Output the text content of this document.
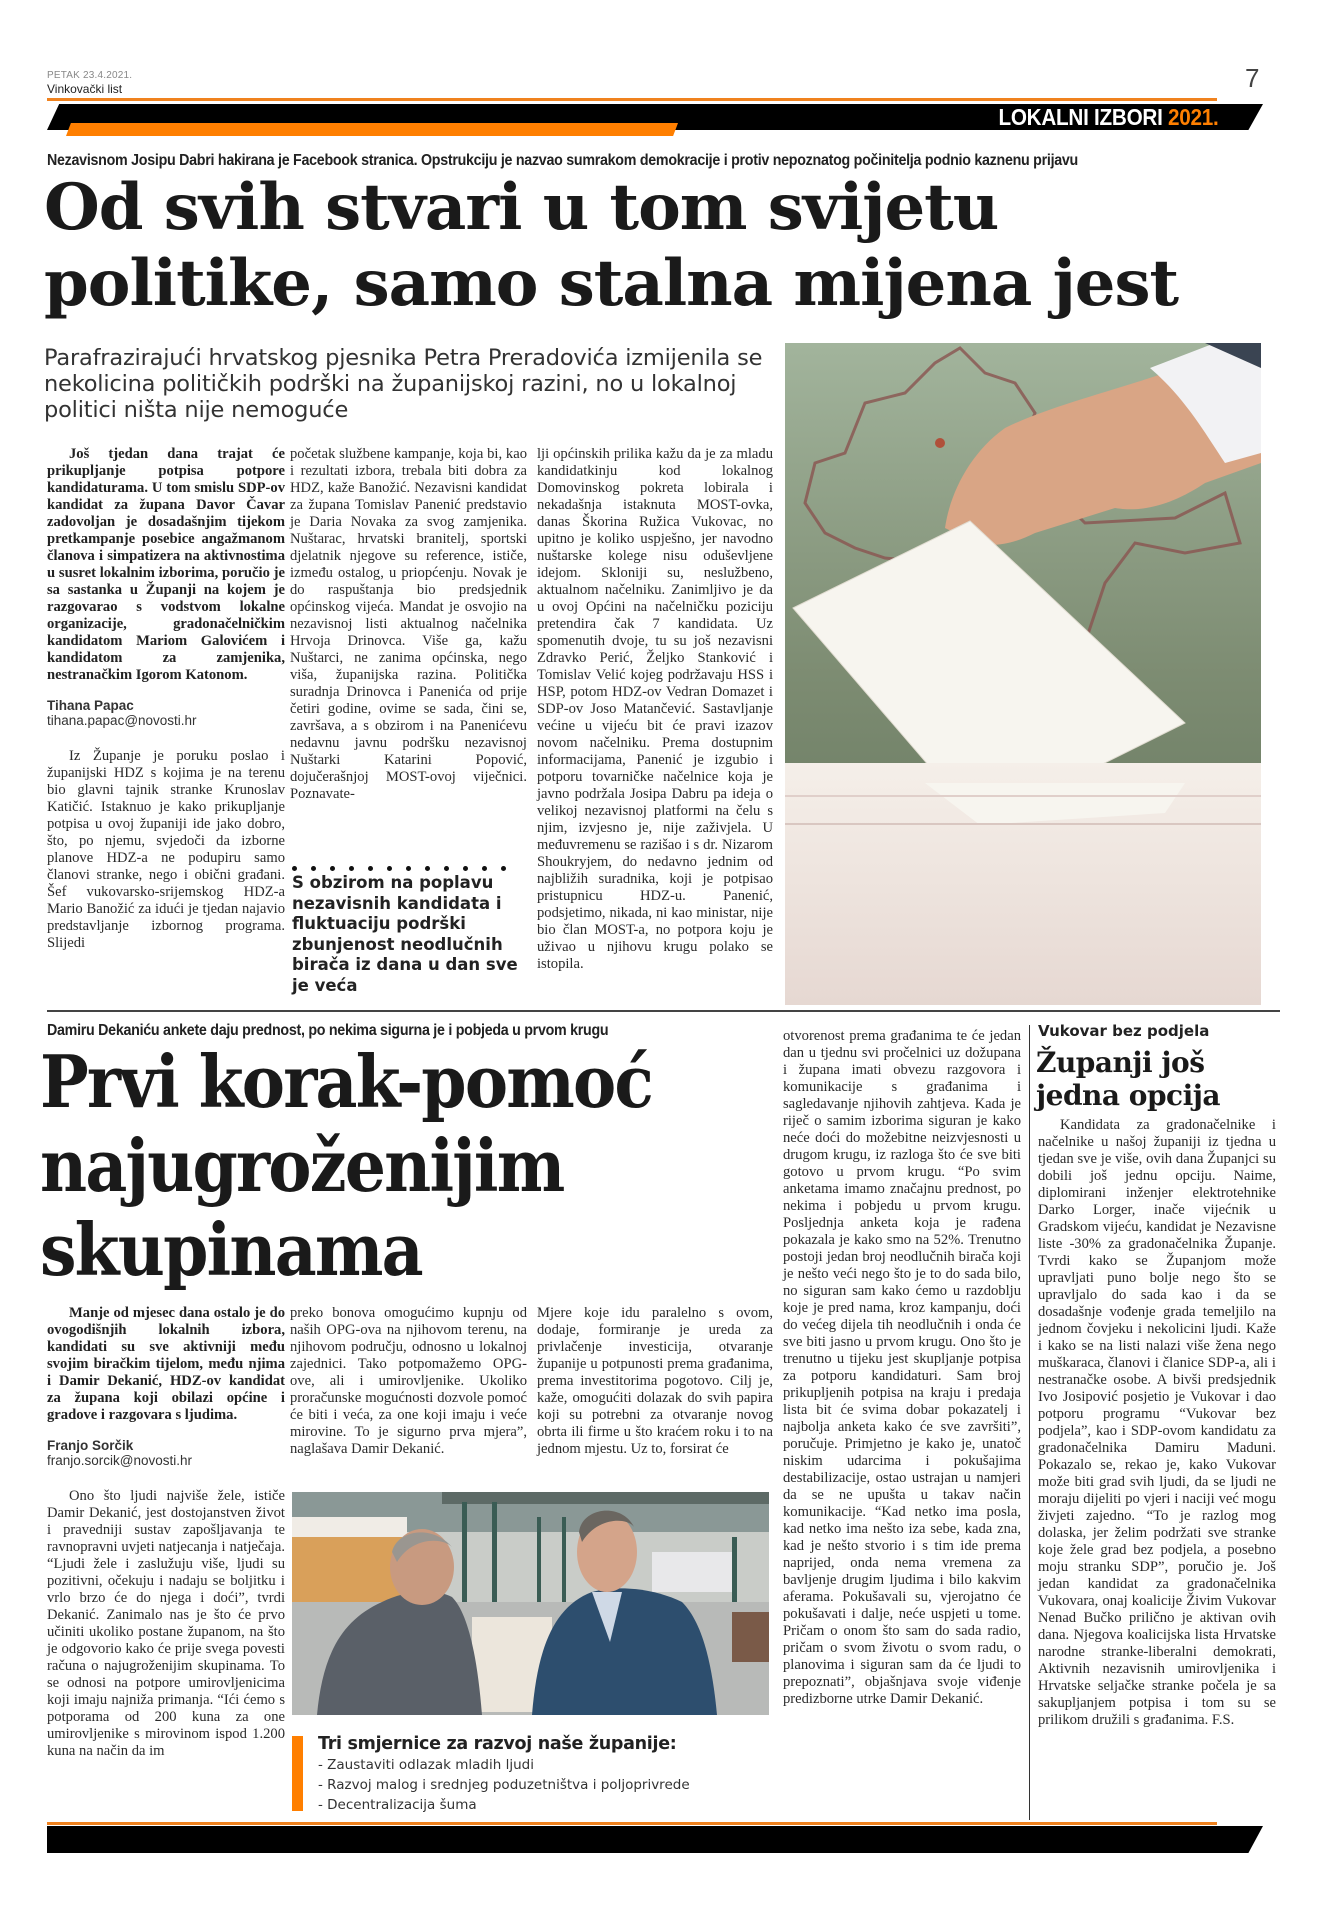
PETAK 23.4.2021.
Vinkovački list	7
LOKALNI IZBORI 2021.
Nezavisnom Josipu Dabri hakirana je Facebook stranica. Opstrukciju je nazvao sumrakom demokracije i protiv nepoznatog počinitelja podnio kaznenu prijavu
Od svih stvari u tom svijetu politike, samo stalna mijena jest
Parafrazirajući hrvatskog pjesnika Petra Preradovića izmijenila se nekolicina političkih podrški na županijskoj razini, no u lokalnoj politici ništa nije nemoguće

Još tjedan dana trajat će prikupljanje potpisa potpore kandidaturama. U tom smislu SDP-ov kandidat za župana Davor Čavar zadovoljan je dosadašnjim tijekom pretkampanje posebice angažmanom članova i simpatizera na aktivnostima u susret lokalnim izborima, poručio je sa sastanka u Županji na kojem je razgovarao s vodstvom lokalne organizacije, gradonačelničkim kandidatom Mariom Galovićem i kandidatom za zamjenika, nestranačkim Igorom Katonom.

Tihana Papac
tihana.papac@novosti.hr

Iz Županje je poruku poslao i županijski HDZ s kojima je na terenu bio glavni tajnik stranke Krunoslav Katičić. Istaknuo je kako prikupljanje potpisa u ovoj županiji ide jako dobro, što, po njemu, svjedoči da izborne planove HDZ-a ne podupiru samo članovi stranke, nego i obični građani. Šef vukovarsko-srijemskog HDZ-a Mario Banožić za idući je tjedan najavio predstavljanje izbornog programa. Slijedi

početak službene kampanje, koja bi, kao i rezultati izbora, trebala biti dobra za HDZ, kaže Banožić. Nezavisni kandidat za župana Tomislav Panenić predstavio je Daria Novaka za svog zamjenika. Nuštarac, hrvatski branitelj, sportski djelatnik njegove su reference, ističe, između ostalog, u priopćenju. Novak je do raspuštanja bio predsjednik općinskog vijeća. Mandat je osvojio na nezavisnoj listi aktualnog načelnika Hrvoja Drinovca. Više ga, kažu Nuštarci, ne zanima općinska, nego viša, županijska razina. Politička suradnja Drinovca i Panenića od prije četiri godine, ovime se sada, čini se, završava, a s obzirom i na Panenićevu nedavnu javnu podršku nezavisnoj Nuštarki Katarini Popović, dojučerašnjoj MOST-ovoj viječnici. Poznavate-

S obzirom na poplavu nezavisnih kandidata i fluktuaciju podrški zbunjenost neodlučnih birača iz dana u dan sve je veća

lji općinskih prilika kažu da je za mladu kandidatkinju kod lokalnog Domovinskog pokreta lobirala i nekadašnja istaknuta MOST-ovka, danas Škorina Ružica Vukovac, no upitno je koliko uspješno, jer navodno nuštarske kolege nisu oduševljene idejom. Skloniji su, neslužbeno, aktualnom načelniku. Zanimljivo je da u ovoj Općini na načelničku poziciju pretendira čak 7 kandidata. Uz spomenutih dvoje, tu su još nezavisni Zdravko Perić, Željko Stanković i Tomislav Velić kojeg podržavaju HSS i HSP, potom HDZ-ov Vedran Domazet i SDP-ov Joso Matančević. Sastavljanje većine u vijeću bit će pravi izazov novom načelniku. Prema dostupnim informacijama, Panenić je izgubio i potporu tovarničke načelnice koja je javno podržala Josipa Dabru pa ideja o velikoj nezavisnoj platformi na čelu s njim, izvjesno je, nije zaživjela. U međuvremenu se razišao i s dr. Nizarom Shoukryjem, do nedavno jednim od najbližih suradnika, koji je potpisao pristupnicu HDZ-u. Panenić, podsjetimo, nikada, ni kao ministar, nije bio član MOST-a, no potpora koju je uživao u njihovu krugu polako se istopila.

Damiru Dekaniću ankete daju prednost, po nekima sigurna je i pobjeda u prvom krugu
Prvi korak-pomoć najugroženijim skupinama

Manje od mjesec dana ostalo je do ovogodišnjih lokalnih izbora, kandidati su sve aktivniji među svojim biračkim tijelom, među njima i Damir Dekanić, HDZ-ov kandidat za župana koji obilazi općine i gradove i razgovara s ljudima.

Franjo Sorčik
franjo.sorcik@novosti.hr

Ono što ljudi najviše žele, ističe Damir Dekanić, jest dostojanstven život i pravedniji sustav zapošljavanja te ravnopravni uvjeti natjecanja i natječaja. “Ljudi žele i zaslužuju više, ljudi su pozitivni, očekuju i nadaju se boljitku i vrlo brzo će do njega i doći”, tvrdi Dekanić. Zanimalo nas je što će prvo učiniti ukoliko postane županom, na što je odgovorio kako će prije svega povesti računa o najugroženijim skupinama. To se odnosi na potpore umirovljenicima koji imaju najniža primanja. “Ići ćemo s potporama od 200 kuna za one umirovljenike s mirovinom ispod 1.200 kuna na način da im

preko bonova omogućimo kupnju od naših OPG-ova na njihovom terenu, na njihovom području, odnosno u lokalnoj zajednici. Tako potpomažemo OPG-ove, ali i umirovljenike. Ukoliko proračunske mogućnosti dozvole pomoć će biti i veća, za one koji imaju i veće mirovine. To je sigurno prva mjera”, naglašava Damir Dekanić.

Mjere koje idu paralelno s ovom, dodaje, formiranje je ureda za privlačenje investicija, otvaranje županije u potpunosti prema građanima, prema investitorima pogotovo. Cilj je, kaže, omogućiti dolazak do svih papira koji su potrebni za otvaranje novog obrta ili firme u što kraćem roku i to na jednom mjestu. Uz to, forsirat će

Tri smjernice za razvoj naše županije:
- Zaustaviti odlazak mladih ljudi
- Razvoj malog i srednjeg poduzetništva i poljoprivrede
- Decentralizacija šuma

otvorenost prema građanima te će jedan dan u tjednu svi pročelnici uz dožupana i župana imati obvezu razgovora i komunikacije s građanima i sagledavanje njihovih zahtjeva. Kada je riječ o samim izborima siguran je kako neće doći do možebitne neizvjesnosti u drugom krugu, iz razloga što će sve biti gotovo u prvom krugu. “Po svim anketama imamo značajnu prednost, po nekima i pobjedu u prvom krugu. Posljednja anketa koja je rađena pokazala je kako smo na 52%. Trenutno postoji jedan broj neodlučnih birača koji je nešto veći nego što je to do sada bilo, no siguran sam kako ćemo u razdoblju koje je pred nama, kroz kampanju, doći do većeg dijela tih neodlučnih i onda će sve biti jasno u prvom krugu. Ono što je trenutno u tijeku jest skupljanje potpisa za potporu kandidaturi. Sam broj prikupljenih potpisa na kraju i predaja lista bit će svima dobar pokazatelj i najbolja anketa kako će sve završiti”, poručuje. Primjetno je kako je, unatoč niskim udarcima i pokušajima destabilizacije, ostao ustrajan u namjeri da se ne upušta u takav način komunikacije. “Kad netko ima posla, kad netko ima nešto iza sebe, kada zna, kad je nešto stvorio i s tim ide prema naprijed, onda nema vremena za bavljenje drugim ljudima i bilo kakvim aferama. Pokušavali su, vjerojatno će pokušavati i dalje, neće uspjeti u tome. Pričam o onom što sam do sada radio, pričam o svom životu o svom radu, o planovima i siguran sam da će ljudi to prepoznati”, objašnjava svoje viđenje predizborne utrke Damir Dekanić.

Vukovar bez podjela
Županji još jedna opcija

Kandidata za gradonačelnike i načelnike u našoj županiji iz tjedna u tjedan sve je više, ovih dana Županjci su dobili još jednu opciju. Naime, diplomirani inženjer elektrotehnike Darko Lorger, inače vijećnik u Gradskom vijeću, kandidat je Nezavisne liste -30% za gradonačelnika Županje. Tvrdi kako se Županjom može upravljati puno bolje nego što se upravljalo do sada kao i da se dosadašnje vođenje grada temeljilo na jednom čovjeku i nekolicini ljudi. Kaže i kako se na listi nalazi više žena nego muškaraca, članovi i članice SDP-a, ali i nestranačke osobe. A bivši predsjednik Ivo Josipović posjetio je Vukovar i dao potporu programu “Vukovar bez podjela”, kao i SDP-ovom kandidatu za gradonačelnika Damiru Maduni. Pokazalo se, rekao je, kako Vukovar može biti grad svih ljudi, da se ljudi ne moraju dijeliti po vjeri i naciji već mogu živjeti zajedno. “To je razlog mog dolaska, jer želim podržati sve stranke koje žele grad bez podjela, a posebno moju stranku SDP”, poručio je. Još jedan kandidat za gradonačelnika Vukovara, onaj koalicije Živim Vukovar Nenad Bučko prilično je aktivan ovih dana. Njegova koalicijska lista Hrvatske narodne stranke-liberalni demokrati, Aktivnih nezavisnih umirovljenika i Hrvatske seljačke stranke počela je sa sakupljanjem potpisa i tom su se prilikom družili s građanima. F.S.
